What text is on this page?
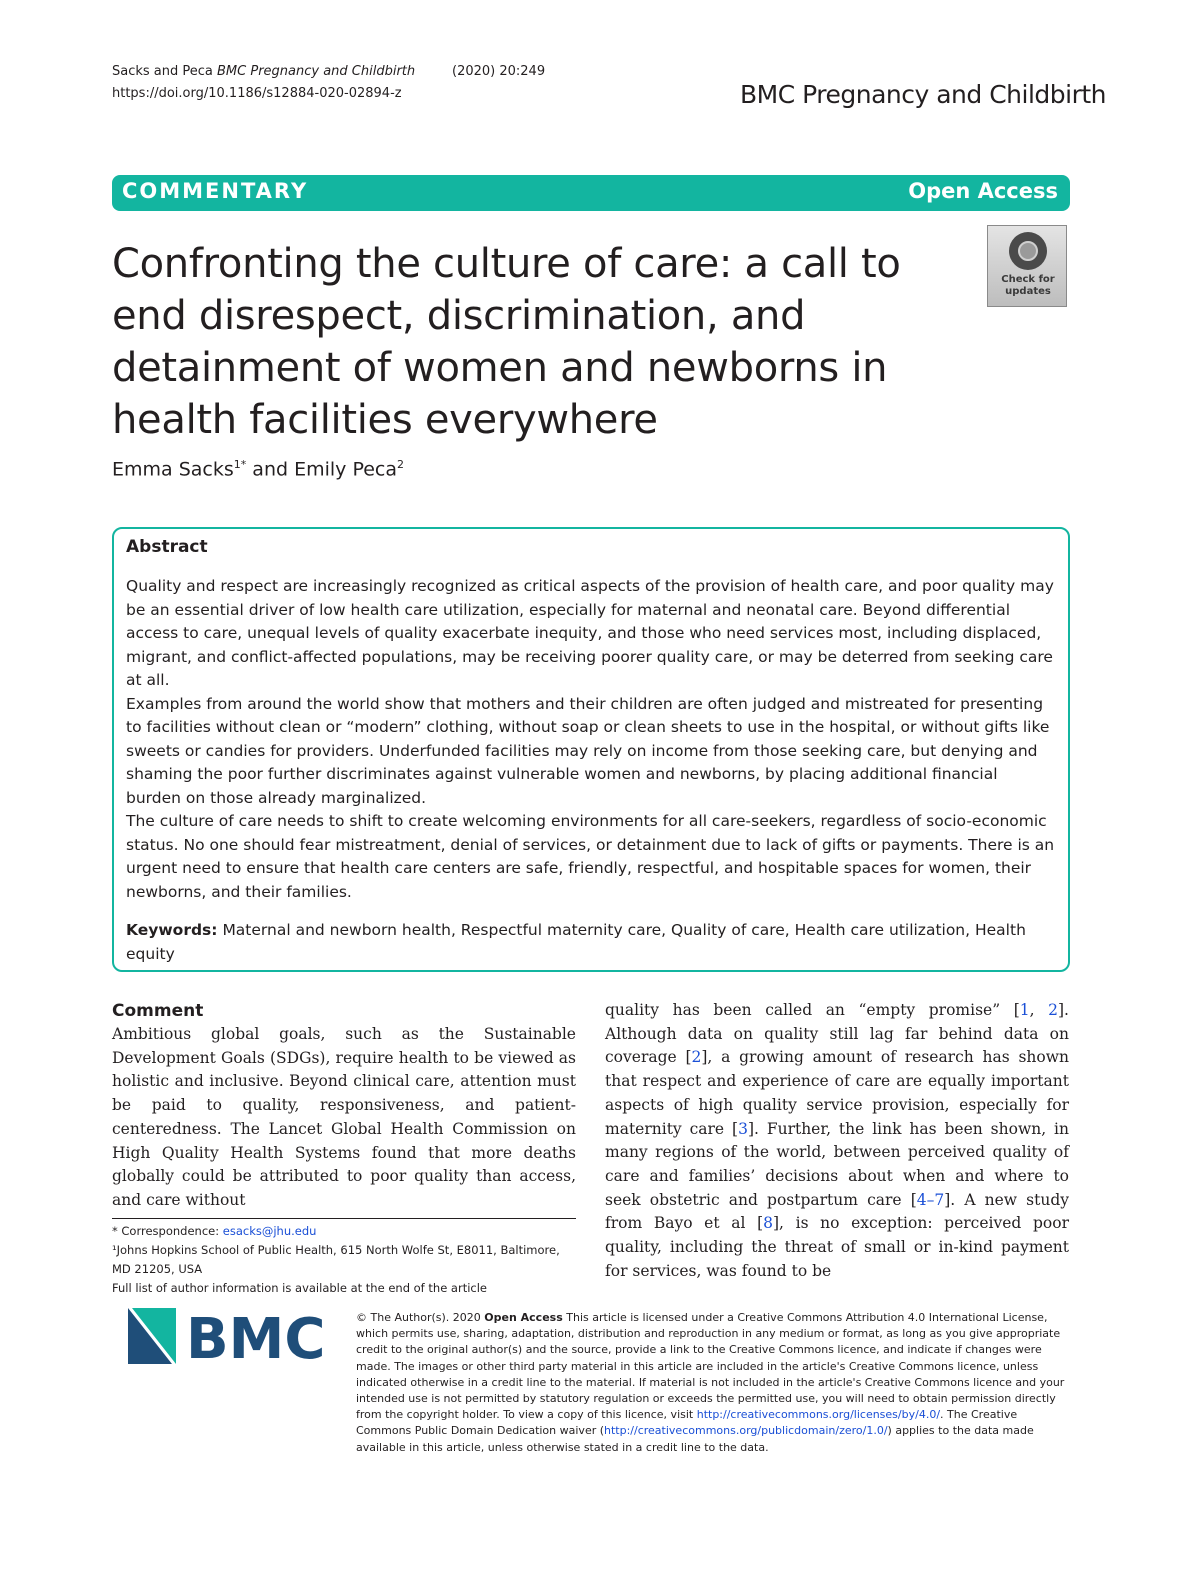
Sacks and Peca BMC Pregnancy and Childbirth	(2020) 20:249
https://doi.org/10.1186/s12884-020-02894-z	BMC Pregnancy and Childbirth
COMMENTARY	Open Access
Confronting the culture of care: a call to end disrespect, discrimination, and detainment of women and newborns in health facilities everywhere
Check for
updates
Emma Sacks$^{1*}$ and Emily Peca$^2$
Abstract

Quality and respect are increasingly recognized as critical aspects of the provision of health care, and poor quality may be an essential driver of low health care utilization, especially for maternal and neonatal care. Beyond differential access to care, unequal levels of quality exacerbate inequity, and those who need services most, including displaced, migrant, and conflict-affected populations, may be receiving poorer quality care, or may be deterred from seeking care at all.

Examples from around the world show that mothers and their children are often judged and mistreated for presenting to facilities without clean or “modern” clothing, without soap or clean sheets to use in the hospital, or without gifts like sweets or candies for providers. Underfunded facilities may rely on income from those seeking care, but denying and shaming the poor further discriminates against vulnerable women and newborns, by placing additional financial burden on those already marginalized.

The culture of care needs to shift to create welcoming environments for all care-seekers, regardless of socio-economic status. No one should fear mistreatment, denial of services, or detainment due to lack of gifts or payments. There is an urgent need to ensure that health care centers are safe, friendly, respectful, and hospitable spaces for women, their newborns, and their families.

Keywords: Maternal and newborn health, Respectful maternity care, Quality of care, Health care utilization, Health equity
Comment

Ambitious global goals, such as the Sustainable Development Goals (SDGs), require health to be viewed as holistic and inclusive. Beyond clinical care, attention must be paid to quality, responsiveness, and patient-centeredness. The Lancet Global Health Commission on High Quality Health Systems found that more deaths globally could be attributed to poor quality than access, and care without

quality has been called an “empty promise” [1, 2]. Although data on quality still lag far behind data on coverage [2], a growing amount of research has shown that respect and experience of care are equally important aspects of high quality service provision, especially for maternity care [3]. Further, the link has been shown, in many regions of the world, between perceived quality of care and families’ decisions about when and where to seek obstetric and postpartum care [4–7]. A new study from Bayo et al [8], is no exception: perceived poor quality, including the threat of small or in-kind payment for services, was found to be

* Correspondence: esacks@jhu.edu
¹Johns Hopkins School of Public Health, 615 North Wolfe St, E8011, Baltimore, MD 21205, USA
Full list of author information is available at the end of the article
BMC	© The Author(s). 2020 Open Access This article is licensed under a Creative Commons Attribution 4.0 International License, which permits use, sharing, adaptation, distribution and reproduction in any medium or format, as long as you give appropriate credit to the original author(s) and the source, provide a link to the Creative Commons licence, and indicate if changes were made. The images or other third party material in this article are included in the article's Creative Commons licence, unless indicated otherwise in a credit line to the material. If material is not included in the article's Creative Commons licence and your intended use is not permitted by statutory regulation or exceeds the permitted use, you will need to obtain permission directly from the copyright holder. To view a copy of this licence, visit http://creativecommons.org/licenses/by/4.0/. The Creative Commons Public Domain Dedication waiver (http://creativecommons.org/publicdomain/zero/1.0/) applies to the data made available in this article, unless otherwise stated in a credit line to the data.
